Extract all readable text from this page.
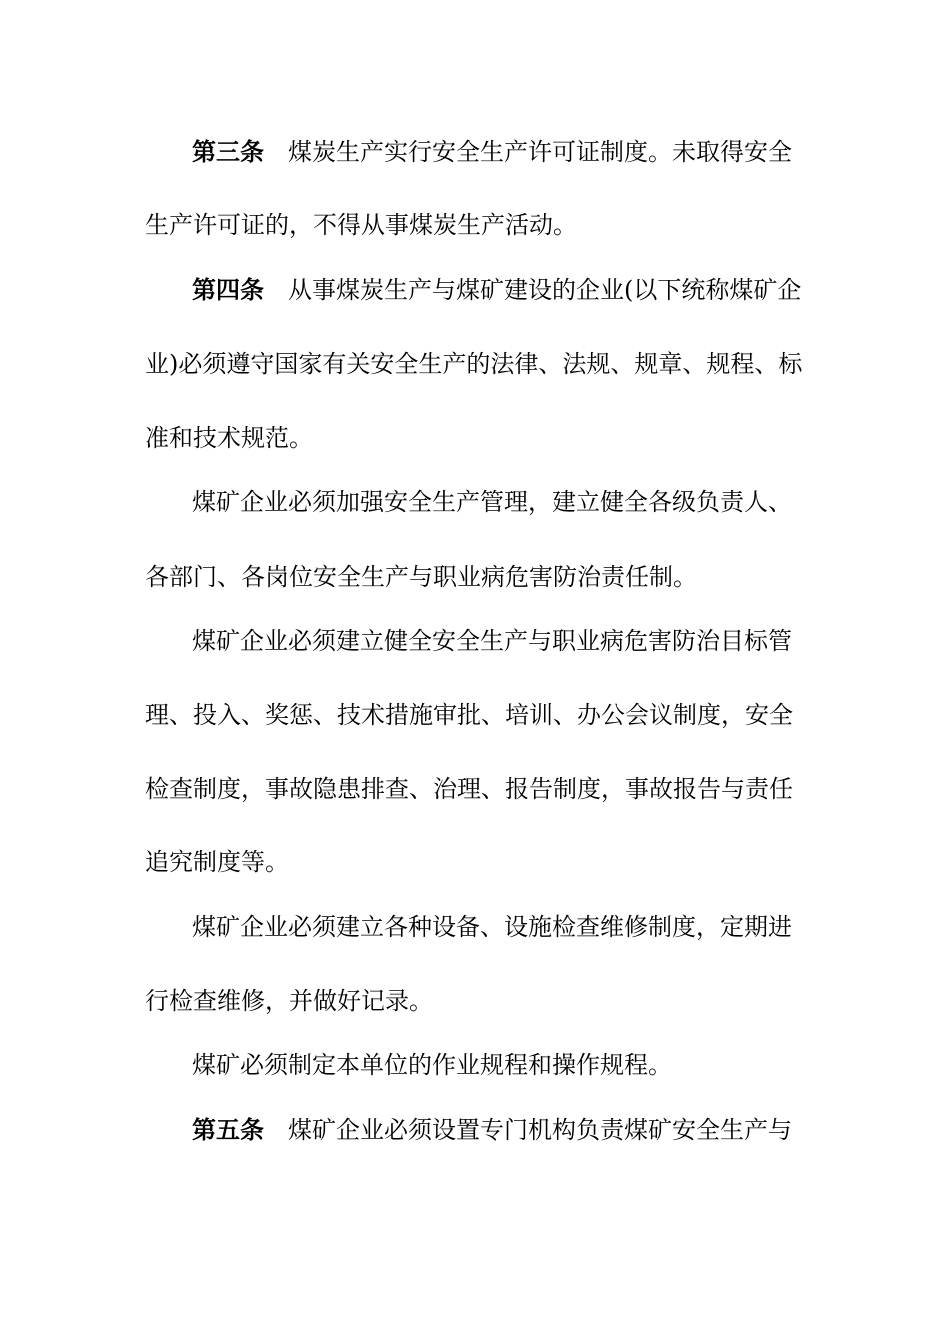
第三条 煤炭生产实行安全生产许可证制度。未取得安全
生产许可证的，不得从事煤炭生产活动。
第四条 从事煤炭生产与煤矿建设的企业(以下统称煤矿企
业)必须遵守国家有关安全生产的法律、法规、规章、规程、标
准和技术规范。
煤矿企业必须加强安全生产管理，建立健全各级负责人、
各部门、各岗位安全生产与职业病危害防治责任制。
煤矿企业必须建立健全安全生产与职业病危害防治目标管
理、投入、奖惩、技术措施审批、培训、办公会议制度，安全
检查制度，事故隐患排查、治理、报告制度，事故报告与责任
追究制度等。
煤矿企业必须建立各种设备、设施检查维修制度，定期进
行检查维修，并做好记录。
煤矿必须制定本单位的作业规程和操作规程。
第五条 煤矿企业必须设置专门机构负责煤矿安全生产与
